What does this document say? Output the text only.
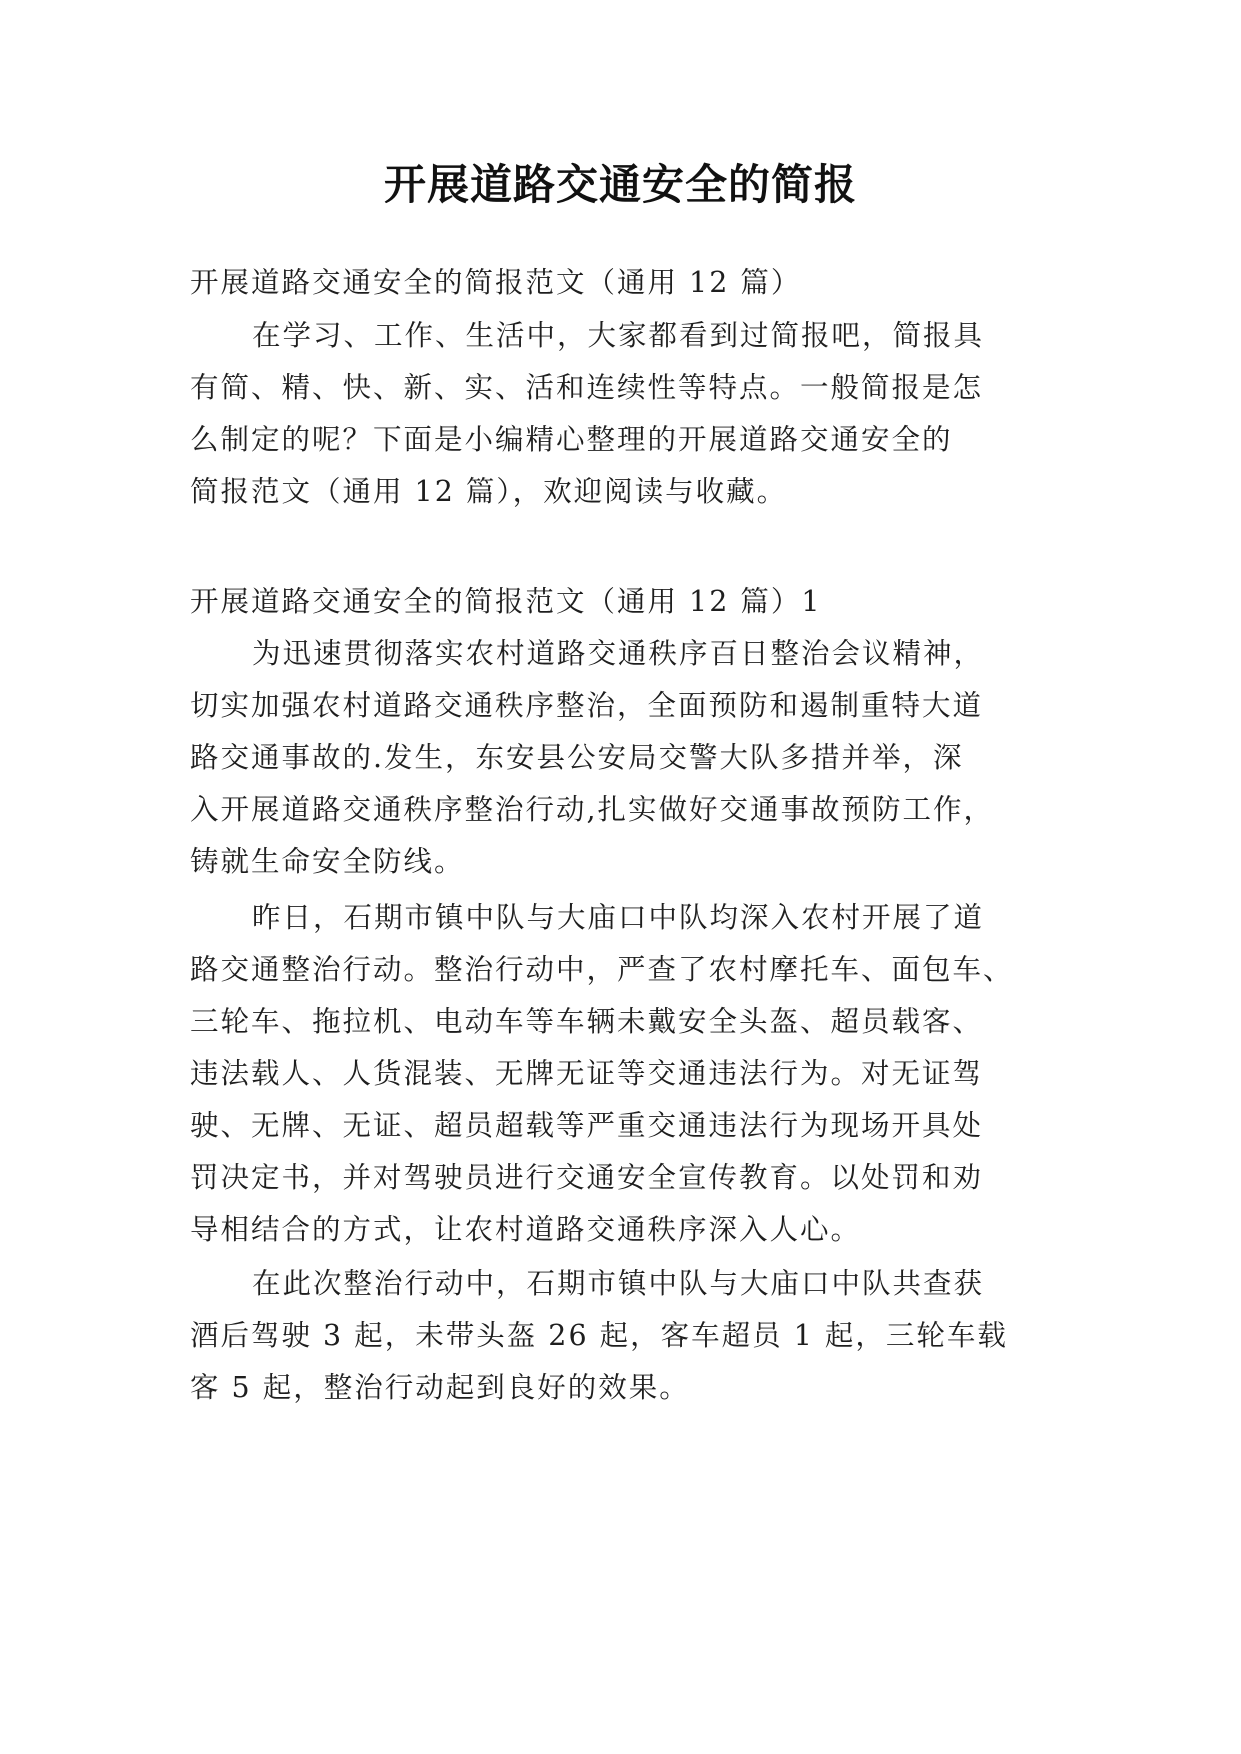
开展道路交通安全的简报
开展道路交通安全的简报范文（通用 12 篇）
在学习、工作、生活中，大家都看到过简报吧，简报具
有简、精、快、新、实、活和连续性等特点。一般简报是怎
么制定的呢？下面是小编精心整理的开展道路交通安全的
简报范文（通用 12 篇），欢迎阅读与收藏。
开展道路交通安全的简报范文（通用 12 篇）1
为迅速贯彻落实农村道路交通秩序百日整治会议精神，
切实加强农村道路交通秩序整治，全面预防和遏制重特大道
路交通事故的.发生，东安县公安局交警大队多措并举，深
入开展道路交通秩序整治行动,扎实做好交通事故预防工作，
铸就生命安全防线。
昨日，石期市镇中队与大庙口中队均深入农村开展了道
路交通整治行动。整治行动中，严查了农村摩托车、面包车、
三轮车、拖拉机、电动车等车辆未戴安全头盔、超员载客、
违法载人、人货混装、无牌无证等交通违法行为。对无证驾
驶、无牌、无证、超员超载等严重交通违法行为现场开具处
罚决定书，并对驾驶员进行交通安全宣传教育。以处罚和劝
导相结合的方式，让农村道路交通秩序深入人心。
在此次整治行动中，石期市镇中队与大庙口中队共查获
酒后驾驶 3 起，未带头盔 26 起，客车超员 1 起，三轮车载
客 5 起，整治行动起到良好的效果。
